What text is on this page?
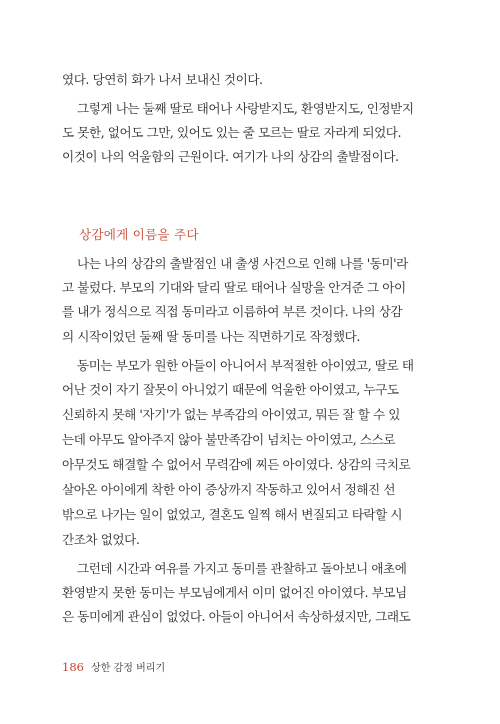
였다. 당연히 화가 나서 보내신 것이다.
그렇게 나는 둘째 딸로 태어나 사랑받지도, 환영받지도, 인정받지
도 못한, 없어도 그만, 있어도 있는 줄 모르는 딸로 자라게 되었다.
이것이 나의 억울함의 근원이다. 여기가 나의 상감의 출발점이다.
상감에게 이름을 주다
나는 나의 상감의 출발점인 내 출생 사건으로 인해 나를 '동미'라
고 불렀다. 부모의 기대와 달리 딸로 태어나 실망을 안겨준 그 아이
를 내가 정식으로 직접 동미라고 이름하여 부른 것이다. 나의 상감
의 시작이었던 둘째 딸 동미를 나는 직면하기로 작정했다.
동미는 부모가 원한 아들이 아니어서 부적절한 아이였고, 딸로 태
어난 것이 자기 잘못이 아니었기 때문에 억울한 아이였고, 누구도
신뢰하지 못해 '자기'가 없는 부족감의 아이였고, 뭐든 잘 할 수 있
는데 아무도 알아주지 않아 불만족감이 넘치는 아이였고, 스스로
아무것도 해결할 수 없어서 무력감에 찌든 아이였다. 상감의 극치로
살아온 아이에게 착한 아이 증상까지 작동하고 있어서 정해진 선
밖으로 나가는 일이 없었고, 결혼도 일찍 해서 변질되고 타락할 시
간조차 없었다.
그런데 시간과 여유를 가지고 동미를 관찰하고 돌아보니 애초에
환영받지 못한 동미는 부모님에게서 이미 없어진 아이였다. 부모님
은 동미에게 관심이 없었다. 아들이 아니어서 속상하셨지만, 그래도
186 상한 감정 버리기
